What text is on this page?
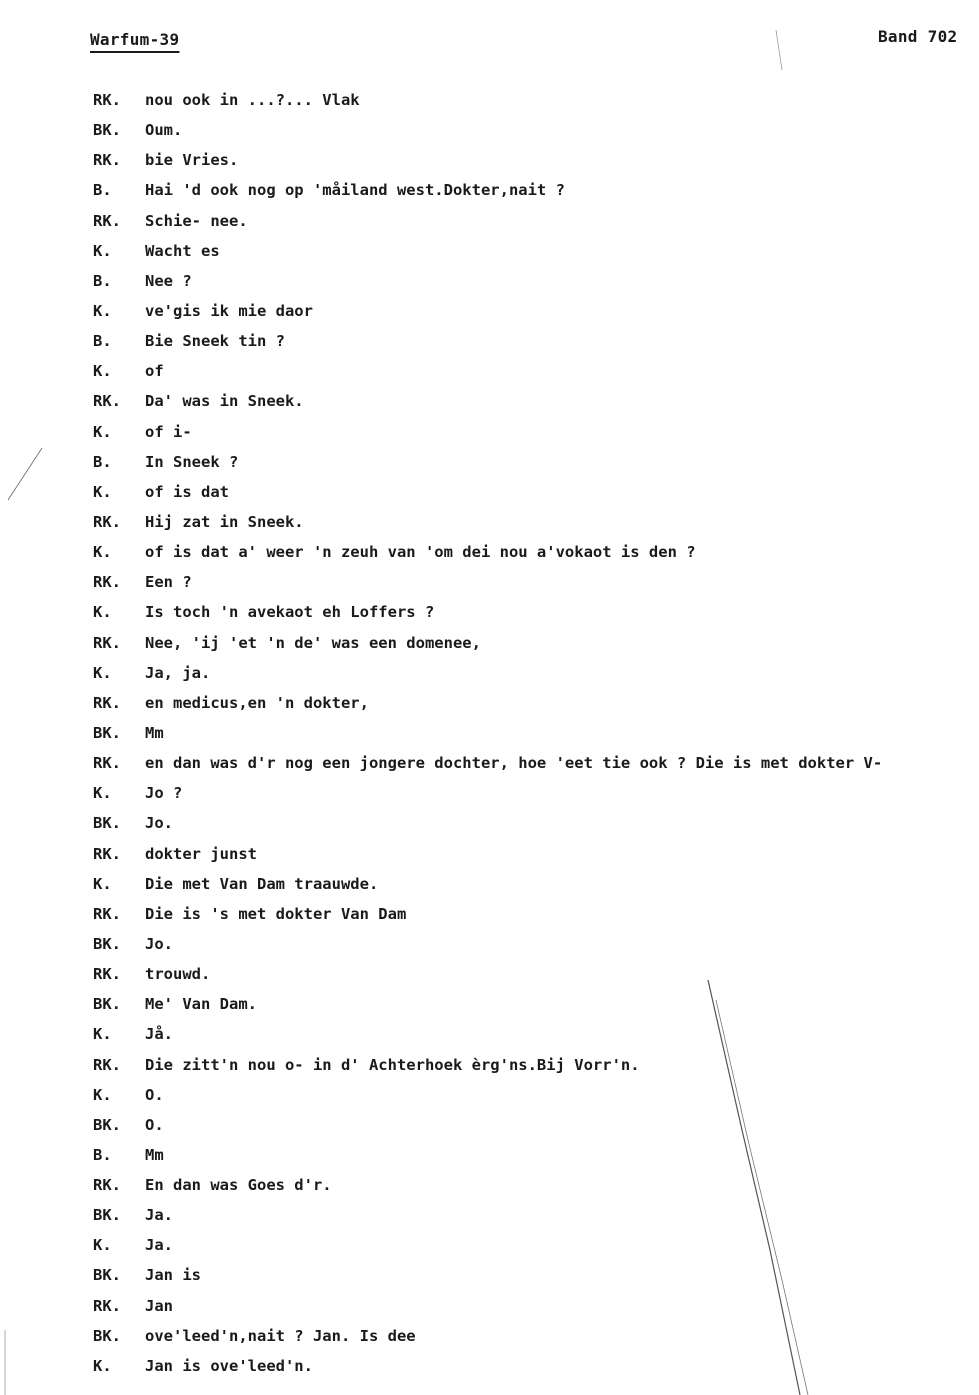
Warfum-39	Band 702
RK.	nou ook in ...?... Vlak
BK.	Oum.
RK.	bie Vries.
B.	Hai 'd ook nog op 'måiland west.Dokter,nait ?
RK.	Schie- nee.
K.	Wacht es
B.	Nee ?
K.	ve'gis ik mie daor
B.	Bie Sneek tin ?
K.	of
RK.	Da' was in Sneek.
K.	of i-
B.	In Sneek ?
K.	of is dat
RK.	Hij zat in Sneek.
K.	of is dat a' weer 'n zeuh van 'om dei nou a'vokaot is den ?
RK.	Een ?
K.	Is toch 'n avekaot eh Loffers ?
RK.	Nee, 'ij 'et 'n de' was een domenee,
K.	Ja, ja.
RK.	en medicus,en 'n dokter,
BK.	Mm
RK.	en dan was d'r nog een jongere dochter, hoe 'eet tie ook ? Die is met dokter V-
K.	Jo ?
BK.	Jo.
RK.	dokter junst
K.	Die met Van Dam traauwde.
RK.	Die is 's met dokter Van Dam
BK.	Jo.
RK.	trouwd.
BK.	Me' Van Dam.
K.	Jå.
RK.	Die zitt'n nou o- in d' Achterhoek èrg'ns.Bij Vorr'n.
K.	O.
BK.	O.
B.	Mm
RK.	En dan was Goes d'r.
BK.	Ja.
K.	Ja.
BK.	Jan is
RK.	Jan
BK.	ove'leed'n,nait ? Jan. Is dee
K.	Jan is ove'leed'n.
